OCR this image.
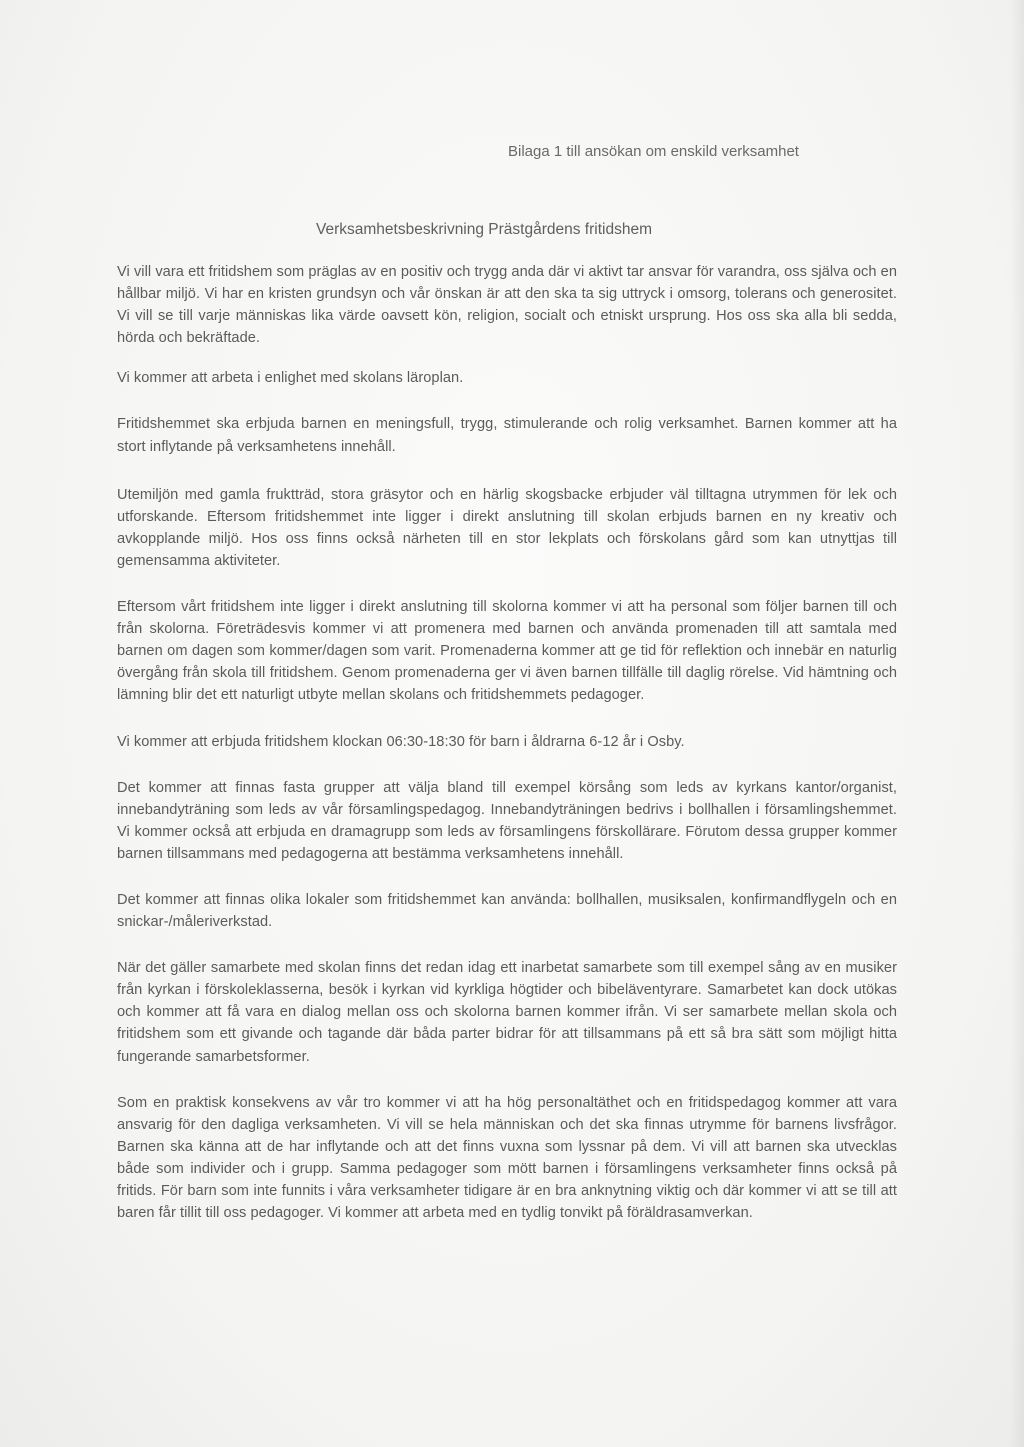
Bilaga 1 till ansökan om enskild verksamhet
Verksamhetsbeskrivning Prästgårdens fritidshem

Vi vill vara ett fritidshem som präglas av en positiv och trygg anda där vi aktivt tar ansvar för varandra, oss själva och en hållbar miljö. Vi har en kristen grundsyn och vår önskan är att den ska ta sig uttryck i omsorg, tolerans och generositet. Vi vill se till varje människas lika värde oavsett kön, religion, socialt och etniskt ursprung. Hos oss ska alla bli sedda, hörda och bekräftade.

Vi kommer att arbeta i enlighet med skolans läroplan.

Fritidshemmet ska erbjuda barnen en meningsfull, trygg, stimulerande och rolig verksamhet. Barnen kommer att ha stort inflytande på verksamhetens innehåll.

Utemiljön med gamla fruktträd, stora gräsytor och en härlig skogsbacke erbjuder väl tilltagna utrymmen för lek och utforskande. Eftersom fritidshemmet inte ligger i direkt anslutning till skolan erbjuds barnen en ny kreativ och avkopplande miljö. Hos oss finns också närheten till en stor lekplats och förskolans gård som kan utnyttjas till gemensamma aktiviteter.

Eftersom vårt fritidshem inte ligger i direkt anslutning till skolorna kommer vi att ha personal som följer barnen till och från skolorna. Företrädesvis kommer vi att promenera med barnen och använda promenaden till att samtala med barnen om dagen som kommer/dagen som varit. Promenaderna kommer att ge tid för reflektion och innebär en naturlig övergång från skola till fritidshem. Genom promenaderna ger vi även barnen tillfälle till daglig rörelse. Vid hämtning och lämning blir det ett naturligt utbyte mellan skolans och fritidshemmets pedagoger.

Vi kommer att erbjuda fritidshem klockan 06:30-18:30 för barn i åldrarna 6-12 år i Osby.

Det kommer att finnas fasta grupper att välja bland till exempel körsång som leds av kyrkans kantor/organist, innebandyträning som leds av vår församlingspedagog. Innebandyträningen bedrivs i bollhallen i församlingshemmet. Vi kommer också att erbjuda en dramagrupp som leds av församlingens förskollärare. Förutom dessa grupper kommer barnen tillsammans med pedagogerna att bestämma verksamhetens innehåll.

Det kommer att finnas olika lokaler som fritidshemmet kan använda: bollhallen, musiksalen, konfirmandflygeln och en snickar-/måleriverkstad.

När det gäller samarbete med skolan finns det redan idag ett inarbetat samarbete som till exempel sång av en musiker från kyrkan i förskoleklasserna, besök i kyrkan vid kyrkliga högtider och bibeläventyrare. Samarbetet kan dock utökas och kommer att få vara en dialog mellan oss och skolorna barnen kommer ifrån. Vi ser samarbete mellan skola och fritidshem som ett givande och tagande där båda parter bidrar för att tillsammans på ett så bra sätt som möjligt hitta fungerande samarbetsformer.

Som en praktisk konsekvens av vår tro kommer vi att ha hög personaltäthet och en fritidspedagog kommer att vara ansvarig för den dagliga verksamheten. Vi vill se hela människan och det ska finnas utrymme för barnens livsfrågor. Barnen ska känna att de har inflytande och att det finns vuxna som lyssnar på dem. Vi vill att barnen ska utvecklas både som individer och i grupp. Samma pedagoger som mött barnen i församlingens verksamheter finns också på fritids. För barn som inte funnits i våra verksamheter tidigare är en bra anknytning viktig och där kommer vi att se till att baren får tillit till oss pedagoger. Vi kommer att arbeta med en tydlig tonvikt på föräldrasamverkan.
